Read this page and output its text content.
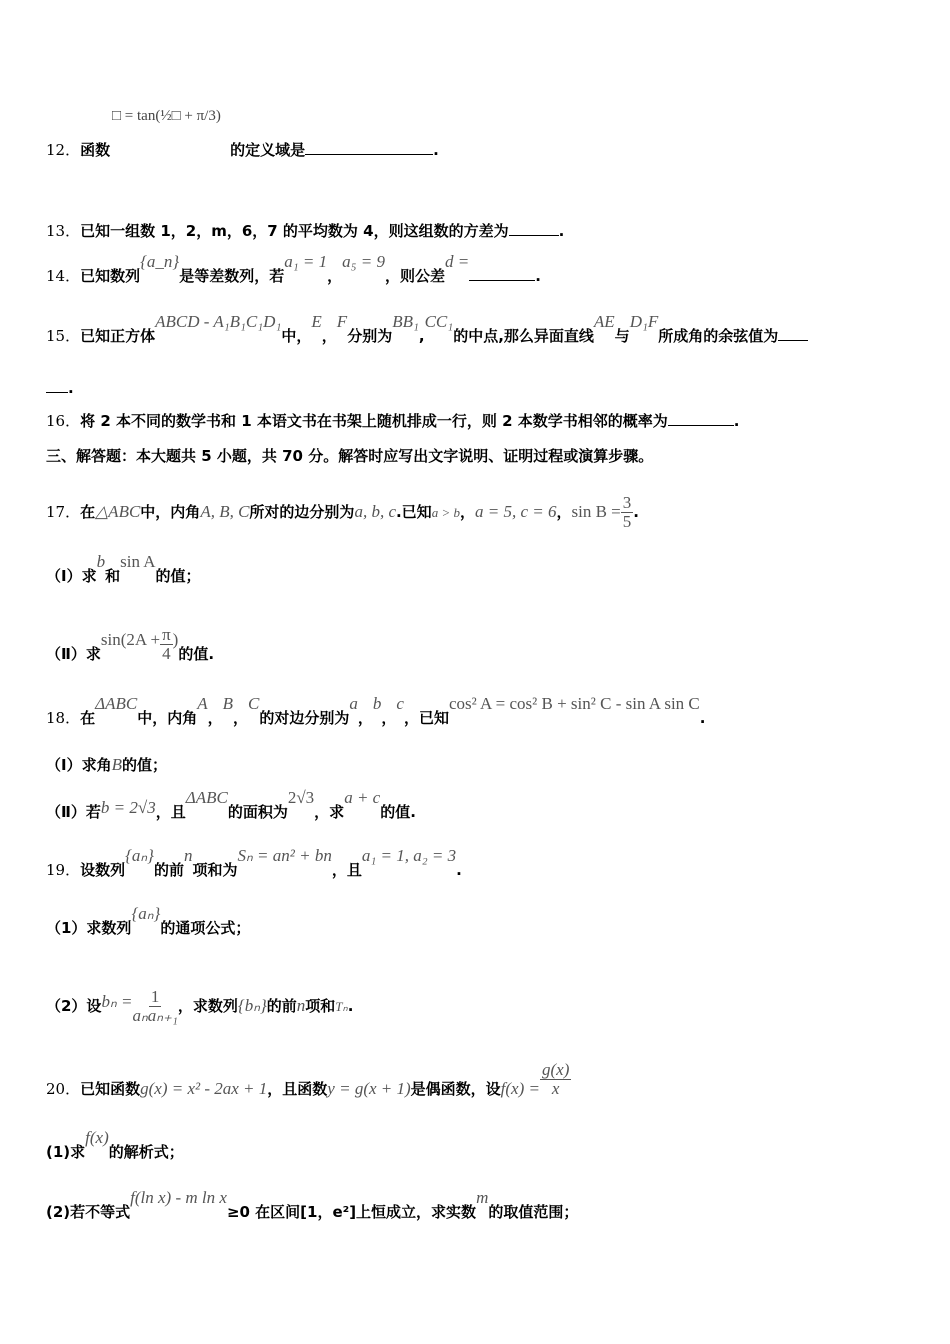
□ = tan(½□ + π/3)
12．函数	的定义域是	.
13．已知一组数 1，2，m，6，7 的平均数为 4，则这组数的方差为	.
14．已知数列{a_n}是等差数列，若a₁ = 1，a₅ = 9，则公差d =.
15．已知正方体ABCD - A₁B₁C₁D₁中，E，F分别为BB₁,CC₁的中点,那么异面直线AE与D₁F所成角的余弦值为
.
16．将 2 本不同的数学书和 1 本语文书在书架上随机排成一行，则 2 本数学书相邻的概率为	.
三、解答题：本大题共 5 小题，共 70 分。解答时应写出文字说明、证明过程或演算步骤。
17．在△ABC中，内角A, B, C所对的边分别为a, b, c.已知a > b，a = 5, c = 6，$\sin B = \frac{3}{5}$ .
（Ⅰ）求b和sin A的值；
（Ⅱ）求$\sin(2A + \frac{\pi}{4}$ )的值.
18．在ΔABC中，内角A，B，C的对边分别为a，b，c，已知cos² A = cos² B + sin² C - sin A sin C.
（Ⅰ）求角B的值；
（Ⅱ）若b = 2√3，且ΔABC的面积为2√3，求a + c的值.
19．设数列{aₙ}的前n项和为Sₙ = an² + bn，且a₁ = 1, a₂ = 3.
（1）求数列{aₙ}的通项公式；
（2）设$b_n = \frac{1}{\text{aₙaₙ₊₁}}$ ，求数列{bₙ}的前n项和Tₙ.
20．已知函数g(x) = x² - 2ax + 1，且函数y = g(x + 1)是偶函数，设$f(x) = \frac{g(x)}{x}$
(1)求f(x)的解析式；
(2)若不等式f(ln x) - m ln x≥0 在区间[1，e²]上恒成立，求实数m的取值范围；
